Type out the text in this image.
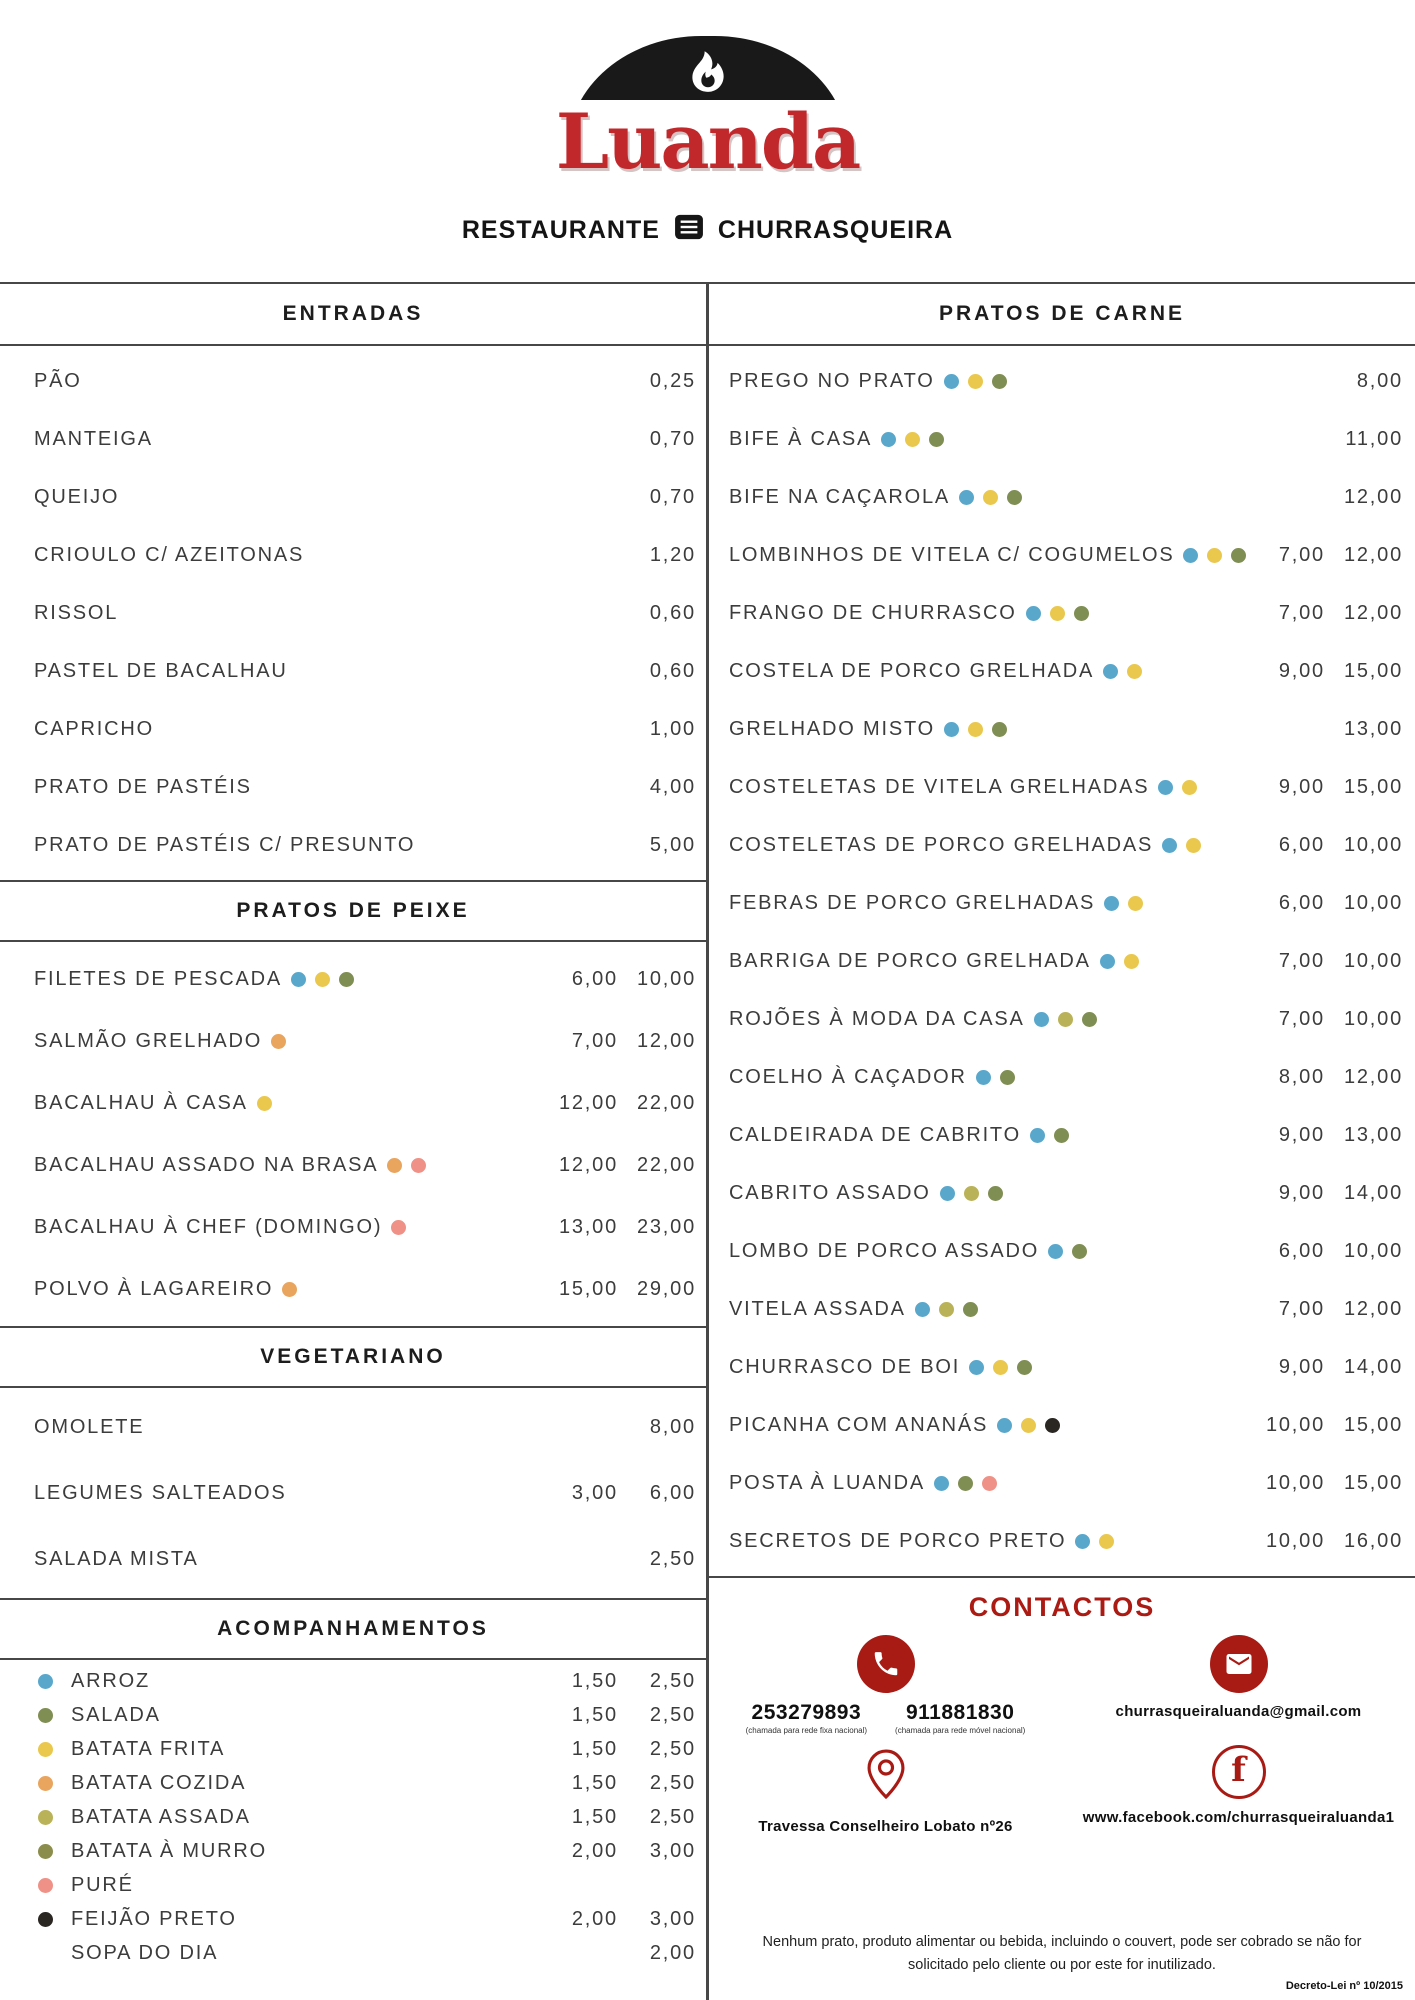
Luanda
RESTAURANTE CHURRASQUEIRA
ENTRADAS
PÃO	0,25
MANTEIGA	0,70
QUEIJO	0,70
CRIOULO C/ AZEITONAS	1,20
RISSOL	0,60
PASTEL DE BACALHAU	0,60
CAPRICHO	1,00
PRATO DE PASTÉIS	4,00
PRATO DE PASTÉIS C/ PRESUNTO	5,00
PRATOS DE PEIXE
FILETES DE PESCADA	6,00 10,00
SALMÃO GRELHADO	7,00 12,00
BACALHAU À CASA	12,00 22,00
BACALHAU ASSADO NA BRASA	12,00 22,00
BACALHAU À CHEF (DOMINGO)	13,00 23,00
POLVO À LAGAREIRO	15,00 29,00
VEGETARIANO
OMOLETE	8,00
LEGUMES SALTEADOS	3,00	6,00
SALADA MISTA	2,50
ACOMPANHAMENTOS
ARROZ	1,50	2,50
SALADA	1,50	2,50
BATATA FRITA	1,50	2,50
BATATA COZIDA	1,50	2,50
BATATA ASSADA	1,50	2,50
BATATA À MURRO	2,00	3,00
PURÉ
FEIJÃO PRETO	2,00	3,00
SOPA DO DIA	2,00
PRATOS DE CARNE
PREGO NO PRATO	8,00
BIFE À CASA	11,00
BIFE NA CAÇAROLA	12,00
LOMBINHOS DE VITELA C/ COGUMELOS	7,00 12,00
FRANGO DE CHURRASCO	7,00 12,00
COSTELA DE PORCO GRELHADA	9,00 15,00
GRELHADO MISTO	13,00
COSTELETAS DE VITELA GRELHADAS	9,00 15,00
COSTELETAS DE PORCO GRELHADAS	6,00 10,00
FEBRAS DE PORCO GRELHADAS	6,00 10,00
BARRIGA DE PORCO GRELHADA	7,00 10,00
ROJÕES À MODA DA CASA	7,00 10,00
COELHO À CAÇADOR	8,00 12,00
CALDEIRADA DE CABRITO	9,00 13,00
CABRITO ASSADO	9,00 14,00
LOMBO DE PORCO ASSADO	6,00 10,00
VITELA ASSADA	7,00 12,00
CHURRASCO DE BOI	9,00 14,00
PICANHA COM ANANÁS	10,00 15,00
POSTA À LUANDA	10,00 15,00
SECRETOS DE PORCO PRETO	10,00 16,00
CONTACTOS
253279893
(chamada para rede fixa nacional)
911881830
(chamada para rede móvel nacional)
churrasqueiraluanda@gmail.com
Travessa Conselheiro Lobato nº26
f
www.facebook.com/churrasqueiraluanda1

Nenhum prato, produto alimentar ou bebida, incluindo o couvert, pode ser cobrado se não for solicitado pelo cliente ou por este for inutilizado.

Decreto-Lei nº 10/2015
